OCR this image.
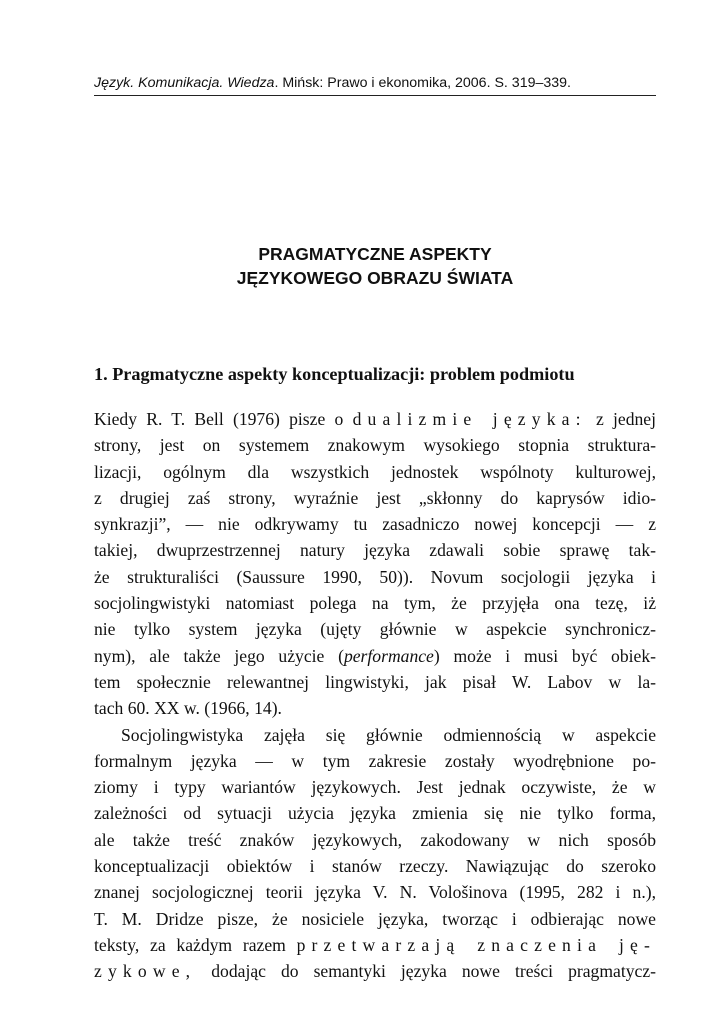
Język. Komunikacja. Wiedza. Mińsk: Prawo i ekonomika, 2006. S. 319–339.
PRAGMATYCZNE ASPEKTY
JĘZYKOWEGO OBRAZU ŚWIATA
1. Pragmatyczne aspekty konceptualizacji: problem podmiotu
Kiedy R. T. Bell (1976) pisze o dualizmie języka: z jednej
strony, jest on systemem znakowym wysokiego stopnia struktura-
lizacji, ogólnym dla wszystkich jednostek wspólnoty kulturowej,
z drugiej zaś strony, wyraźnie jest „skłonny do kaprysów idio-
synkrazji”, — nie odkrywamy tu zasadniczo nowej koncepcji — z
takiej, dwuprzestrzennej natury języka zdawali sobie sprawę tak-
że strukturaliści (Saussure 1990, 50)). Novum socjologii języka i
socjolingwistyki natomiast polega na tym, że przyjęła ona tezę, iż
nie tylko system języka (ujęty głównie w aspekcie synchronicz-
nym), ale także jego użycie (performance) może i musi być obiek-
tem społecznie relewantnej lingwistyki, jak pisał W. Labov w la-
tach 60. XX w. (1966, 14).
Socjolingwistyka zajęła się głównie odmiennością w aspekcie
formalnym języka — w tym zakresie zostały wyodrębnione po-
ziomy i typy wariantów językowych. Jest jednak oczywiste, że w
zależności od sytuacji użycia języka zmienia się nie tylko forma,
ale także treść znaków językowych, zakodowany w nich sposób
konceptualizacji obiektów i stanów rzeczy. Nawiązując do szeroko
znanej socjologicznej teorii języka V. N. Vološinova (1995, 282 i n.),
T. M. Dridze pisze, że nosiciele języka, tworząc i odbierając nowe
teksty, za każdym razem przetwarzają znaczenia ję-
zykowe, dodając do semantyki języka nowe treści pragmatycz-
